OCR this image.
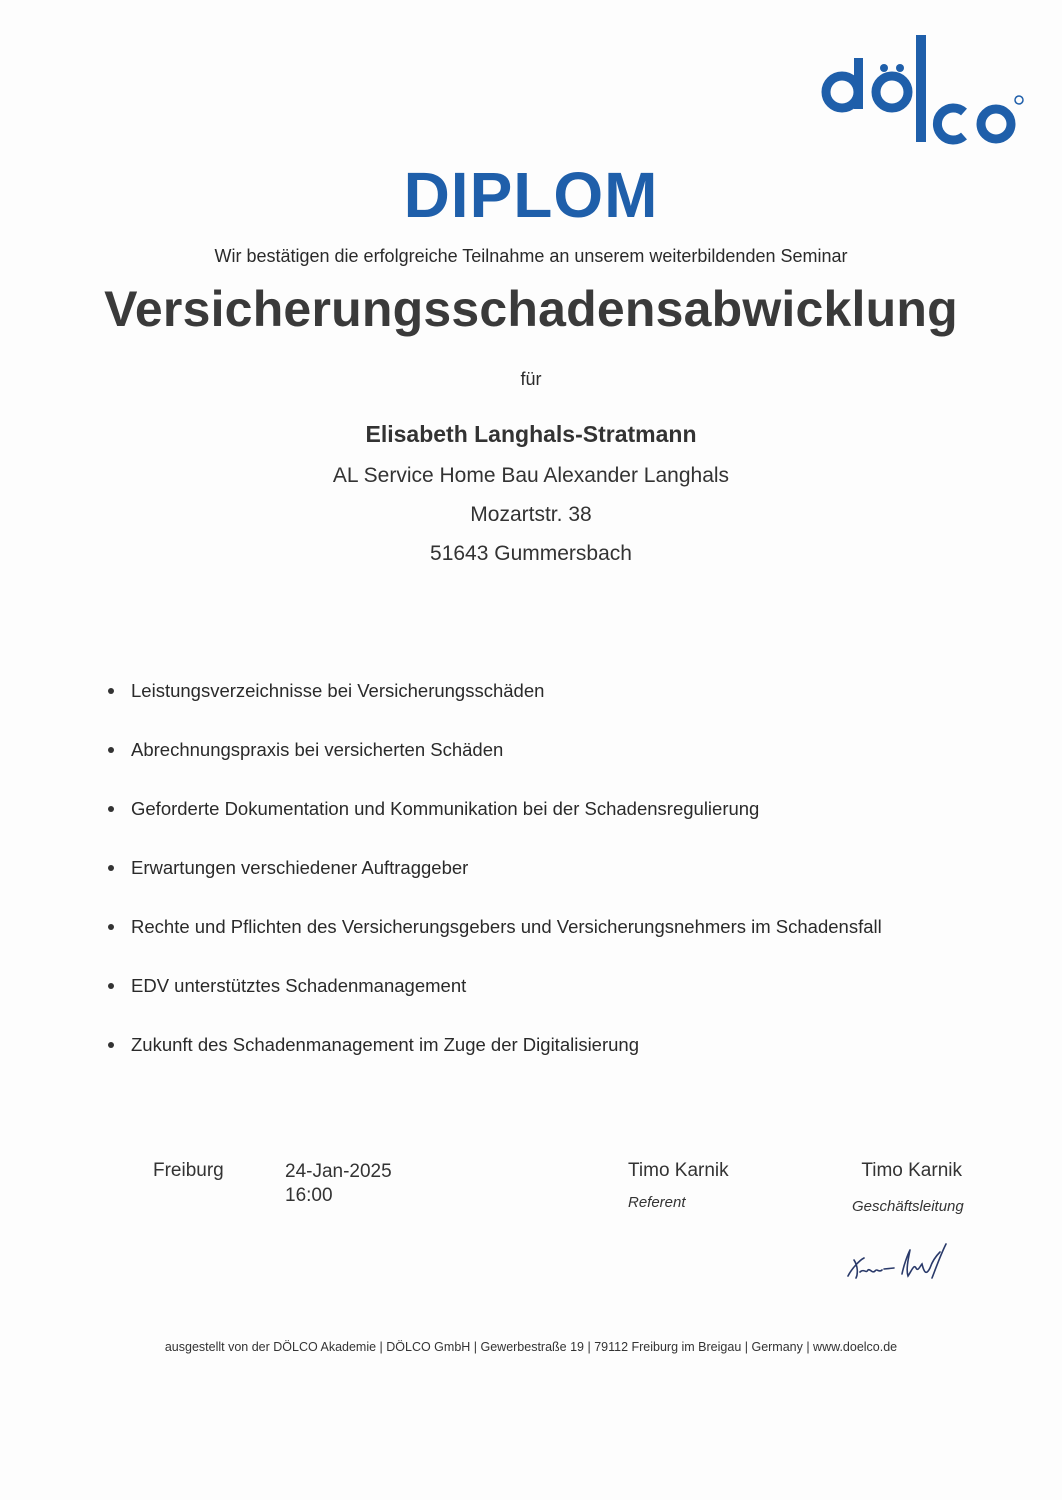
DIPLOM
Wir bestätigen die erfolgreiche Teilnahme an unserem weiterbildenden Seminar
Versicherungsschadensabwicklung
für
Elisabeth Langhals-Stratmann
AL Service Home Bau Alexander Langhals
Mozartstr. 38
51643 Gummersbach
Leistungsverzeichnisse bei Versicherungsschäden
Abrechnungspraxis bei versicherten Schäden
Geforderte Dokumentation und Kommunikation bei der Schadensregulierung
Erwartungen verschiedener Auftraggeber
Rechte und Pflichten des Versicherungsgebers und Versicherungsnehmers im Schadensfall
EDV unterstütztes Schadenmanagement
Zukunft des Schadenmanagement im Zuge der Digitalisierung
Freiburg	24-Jan-2025
16:00
Timo Karnik
Referent
Timo Karnik
Geschäftsleitung
ausgestellt von der DÖLCO Akademie | DÖLCO GmbH | Gewerbestraße 19 | 79112 Freiburg im Breigau | Germany | www.doelco.de
